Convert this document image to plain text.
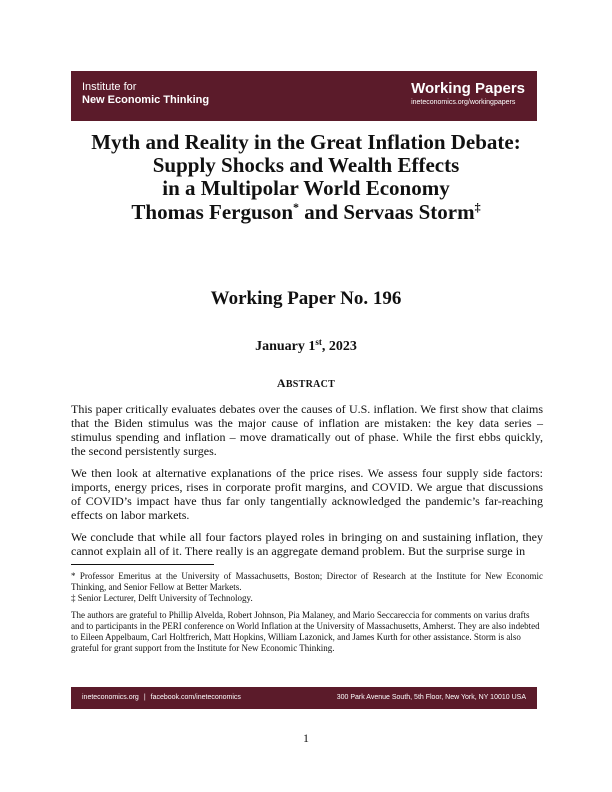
Institute for
New Economic Thinking
Working Papers
ineteconomics.org/workingpapers
Myth and Reality in the Great Inflation Debate:
Supply Shocks and Wealth Effects
in a Multipolar World Economy
Thomas Ferguson* and Servaas Storm‡
Working Paper No. 196
January 1st, 2023
ABSTRACT

This paper critically evaluates debates over the causes of U.S. inflation. We first show that claims that the Biden stimulus was the major cause of inflation are mistaken: the key data series – stimulus spending and inflation – move dramatically out of phase. While the first ebbs quickly, the second persistently surges.

We then look at alternative explanations of the price rises. We assess four supply side factors: imports, energy prices, rises in corporate profit margins, and COVID. We argue that discussions of COVID’s impact have thus far only tangentially acknowledged the pandemic’s far-reaching effects on labor markets.

We conclude that while all four factors played roles in bringing on and sustaining inflation, they cannot explain all of it. There really is an aggregate demand problem. But the surprise surge in

* Professor Emeritus at the University of Massachusetts, Boston; Director of Research at the Institute for New Economic Thinking, and Senior Fellow at Better Markets.

‡ Senior Lecturer, Delft University of Technology.

The authors are grateful to Phillip Alvelda, Robert Johnson, Pia Malaney, and Mario Seccareccia for comments on varius drafts and to participants in the PERI conference on World Inflation at the University of Massachusetts, Amherst. They are also indebted to Eileen Appelbaum, Carl Holtfrerich, Matt Hopkins, William Lazonick, and James Kurth for other assistance. Storm is also grateful for grant support from the Institute for New Economic Thinking.

ineteconomics.org | facebook.com/ineteconomics	300 Park Avenue South, 5th Floor, New York, NY 10010 USA
1
